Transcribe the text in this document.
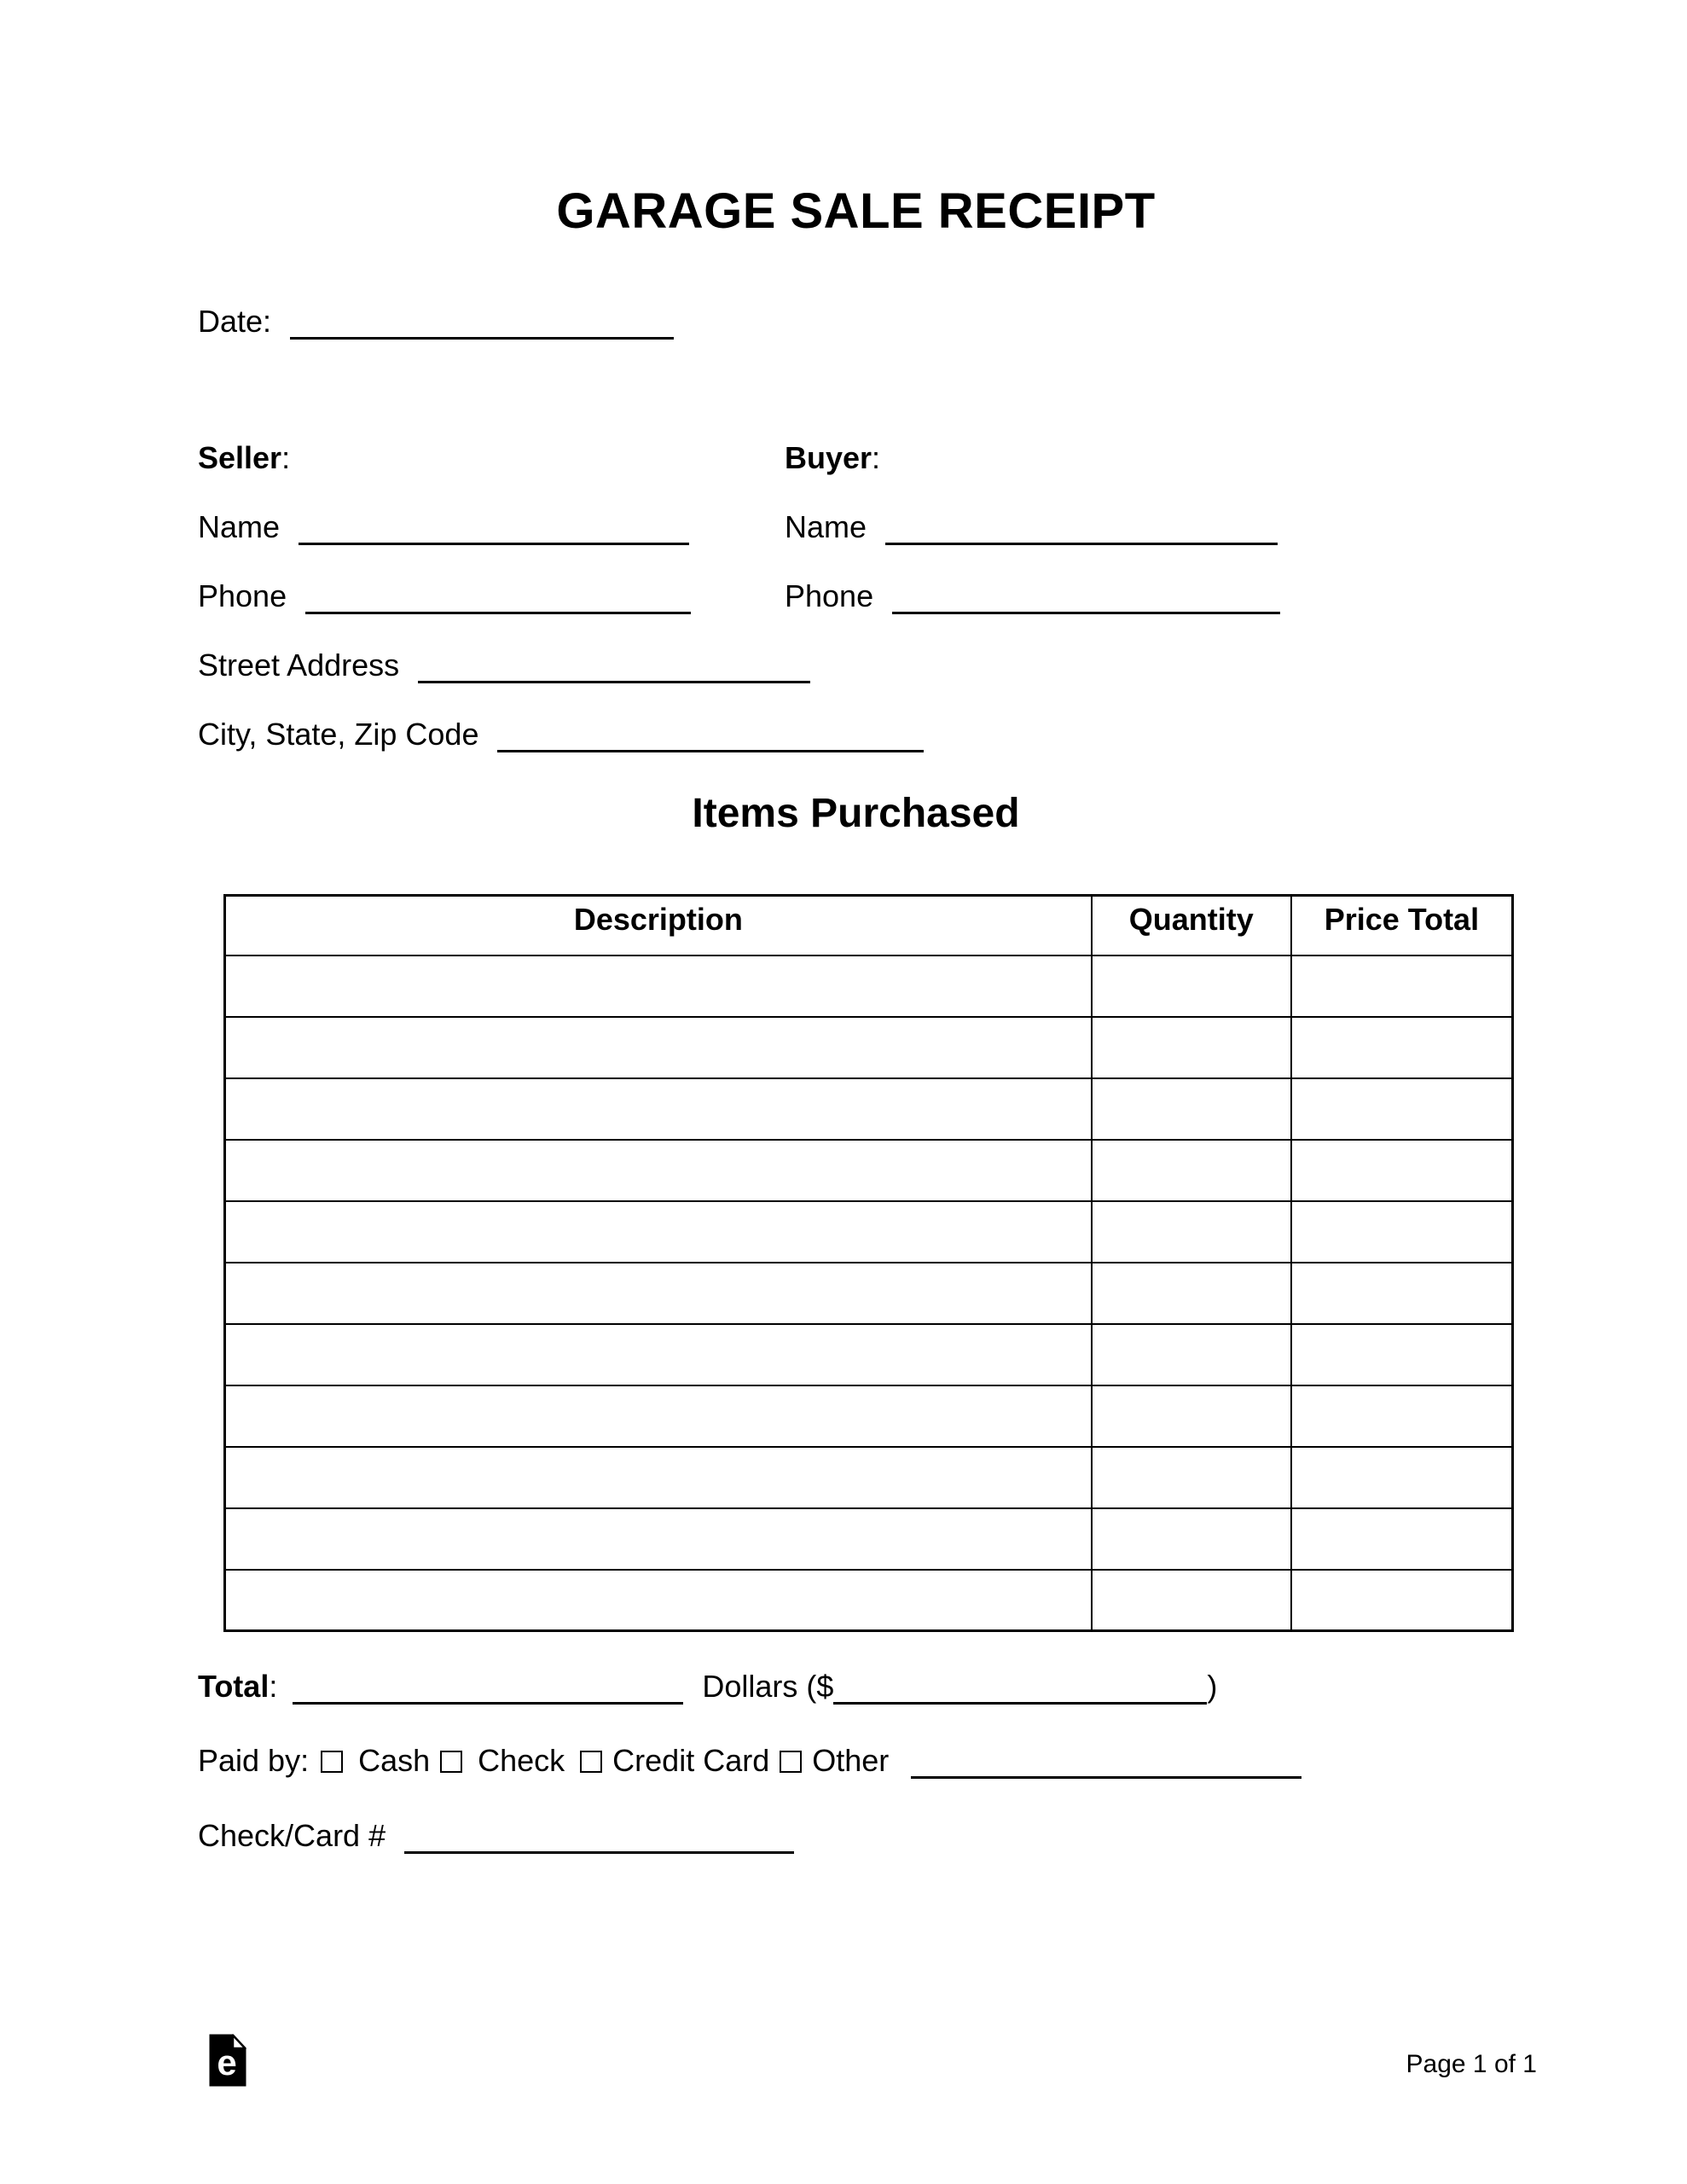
GARAGE SALE RECEIPT
Date:
Seller:
Name
Phone
Street Address
City, State, Zip Code
Buyer:
Name
Phone
Items Purchased
Description	Quantity	Price Total

Total:	Dollars ($	)
Paid by: Cash Check Credit Card Other
Check/Card #
e	Page 1 of 1
